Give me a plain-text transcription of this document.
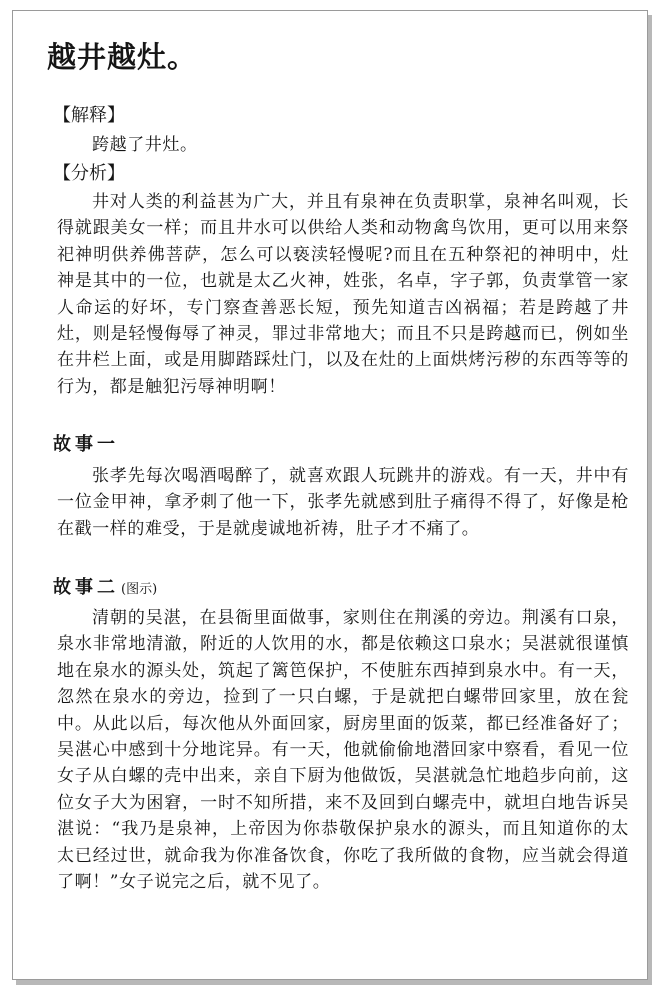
越井越灶。
【解释】

跨越了井灶。

【分析】

井对人类的利益甚为广大，并且有泉神在负责职掌，泉神名叫观，长得就跟美女一样；而且井水可以供给人类和动物禽鸟饮用，更可以用来祭祀神明供养佛菩萨，怎么可以亵渎轻慢呢?而且在五种祭祀的神明中，灶神是其中的一位，也就是太乙火神，姓张，名卓，字子郭，负责掌管一家人命运的好坏，专门察查善恶长短，预先知道吉凶祸福；若是跨越了井灶，则是轻慢侮辱了神灵，罪过非常地大；而且不只是跨越而已，例如坐在井栏上面，或是用脚踏踩灶门，以及在灶的上面烘烤污秽的东西等等的行为，都是触犯污辱神明啊！

故事一

张孝先每次喝酒喝醉了，就喜欢跟人玩跳井的游戏。有一天，井中有一位金甲神，拿矛刺了他一下，张孝先就感到肚子痛得不得了，好像是枪在戳一样的难受，于是就虔诚地祈祷，肚子才不痛了。

故事二 (图示)

清朝的吴湛，在县衙里面做事，家则住在荆溪的旁边。荆溪有口泉，泉水非常地清澈，附近的人饮用的水，都是依赖这口泉水；吴湛就很谨慎地在泉水的源头处，筑起了篱笆保护，不使脏东西掉到泉水中。有一天，忽然在泉水的旁边，捡到了一只白螺，于是就把白螺带回家里，放在瓮中。从此以后，每次他从外面回家，厨房里面的饭菜，都已经准备好了；吴湛心中感到十分地诧异。有一天，他就偷偷地潜回家中察看，看见一位女子从白螺的壳中出来，亲自下厨为他做饭，吴湛就急忙地趋步向前，这位女子大为困窘，一时不知所措，来不及回到白螺壳中，就坦白地告诉吴湛说：“我乃是泉神，上帝因为你恭敬保护泉水的源头，而且知道你的太太已经过世，就命我为你准备饮食，你吃了我所做的食物，应当就会得道了啊！”女子说完之后，就不见了。
